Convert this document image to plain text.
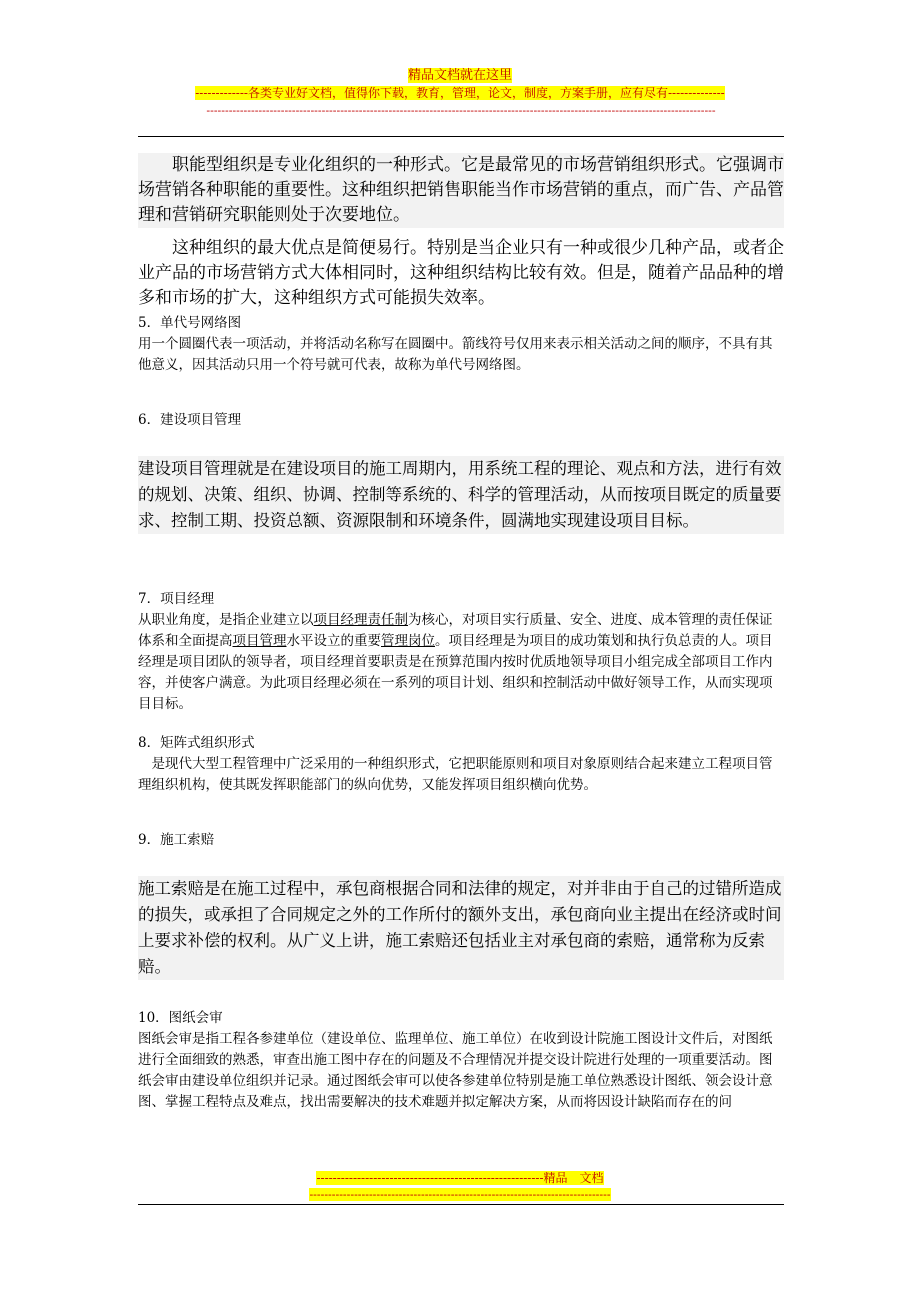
精品文档就在这里
-------------各类专业好文档，值得你下载，教育，管理，论文，制度，方案手册，应有尽有--------------
-----------------------------------------------------------------------------------------------------------------------------------------

职能型组织是专业化组织的一种形式。它是最常见的市场营销组织形式。它强调市场营销各种职能的重要性。这种组织把销售职能当作市场营销的重点，而广告、产品管理和营销研究职能则处于次要地位。

这种组织的最大优点是简便易行。特别是当企业只有一种或很少几种产品，或者企业产品的市场营销方式大体相同时，这种组织结构比较有效。但是，随着产品品种的增多和市场的扩大，这种组织方式可能损失效率。

5．单代号网络图

用一个圆圈代表一项活动，并将活动名称写在圆圈中。箭线符号仅用来表示相关活动之间的顺序，不具有其他意义，因其活动只用一个符号就可代表，故称为单代号网络图。

6．建设项目管理

建设项目管理就是在建设项目的施工周期内，用系统工程的理论、观点和方法，进行有效的规划、决策、组织、协调、控制等系统的、科学的管理活动，从而按项目既定的质量要求、控制工期、投资总额、资源限制和环境条件，圆满地实现建设项目目标。

7．项目经理

从职业角度，是指企业建立以项目经理责任制为核心，对项目实行质量、安全、进度、成本管理的责任保证体系和全面提高项目管理水平设立的重要管理岗位。项目经理是为项目的成功策划和执行负总责的人。项目经理是项目团队的领导者，项目经理首要职责是在预算范围内按时优质地领导项目小组完成全部项目工作内容，并使客户满意。为此项目经理必须在一系列的项目计划、组织和控制活动中做好领导工作，从而实现项目目标。

8．矩阵式组织形式

是现代大型工程管理中广泛采用的一种组织形式，它把职能原则和项目对象原则结合起来建立工程项目管理组织机构，使其既发挥职能部门的纵向优势，又能发挥项目组织横向优势。

9．施工索赔

施工索赔是在施工过程中，承包商根据合同和法律的规定，对并非由于自己的过错所造成的损失，或承担了合同规定之外的工作所付的额外支出，承包商向业主提出在经济或时间上要求补偿的权利。从广义上讲，施工索赔还包括业主对承包商的索赔，通常称为反索赔。

10．图纸会审

图纸会审是指工程各参建单位（建设单位、监理单位、施工单位）在收到设计院施工图设计文件后，对图纸进行全面细致的熟悉，审查出施工图中存在的问题及不合理情况并提交设计院进行处理的一项重要活动。图纸会审由建设单位组织并记录。通过图纸会审可以使各参建单位特别是施工单位熟悉设计图纸、领会设计意图、掌握工程特点及难点，找出需要解决的技术难题并拟定解决方案，从而将因设计缺陷而存在的问

--------------------------------------------------------精品　文档
---------------------------------------------------------------------------------
